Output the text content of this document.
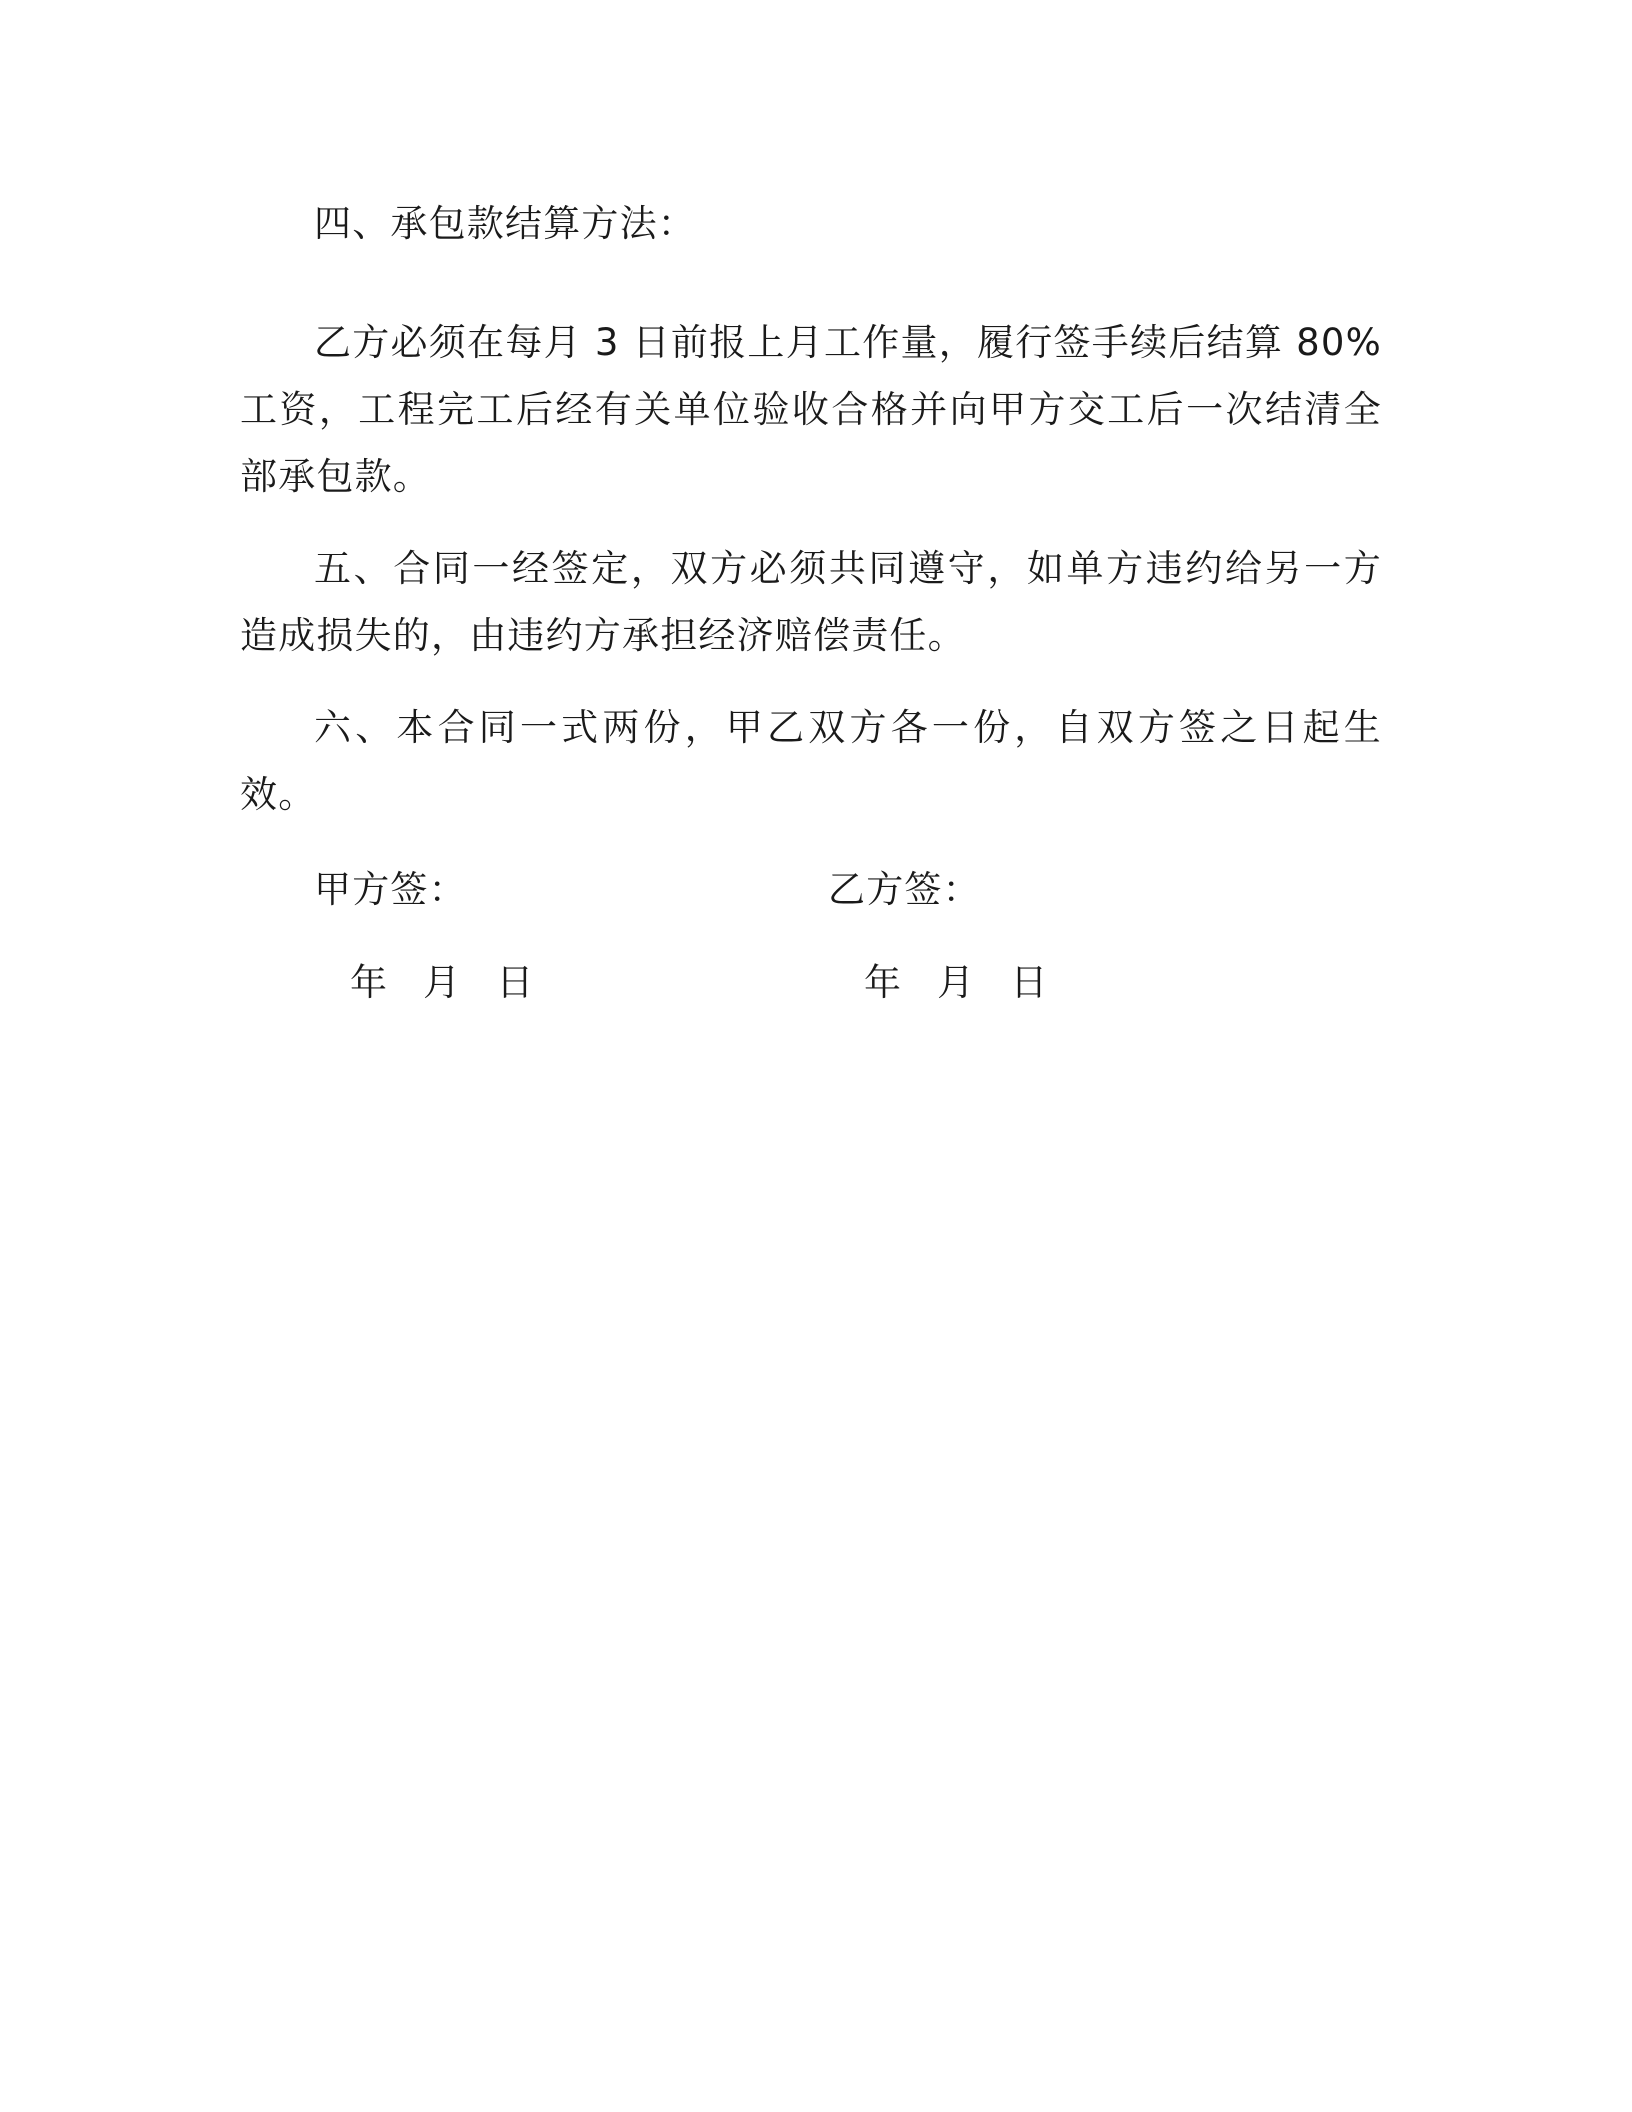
四、承包款结算方法：

乙方必须在每月 3 日前报上月工作量，履行签手续后结算 80%工资，工程完工后经有关单位验收合格并向甲方交工后一次结清全部承包款。

五、合同一经签定，双方必须共同遵守，如单方违约给另一方造成损失的，由违约方承担经济赔偿责任。

六、本合同一式两份，甲乙双方各一份，自双方签之日起生效。

甲方签：
年 月 日
乙方签：
年 月 日
